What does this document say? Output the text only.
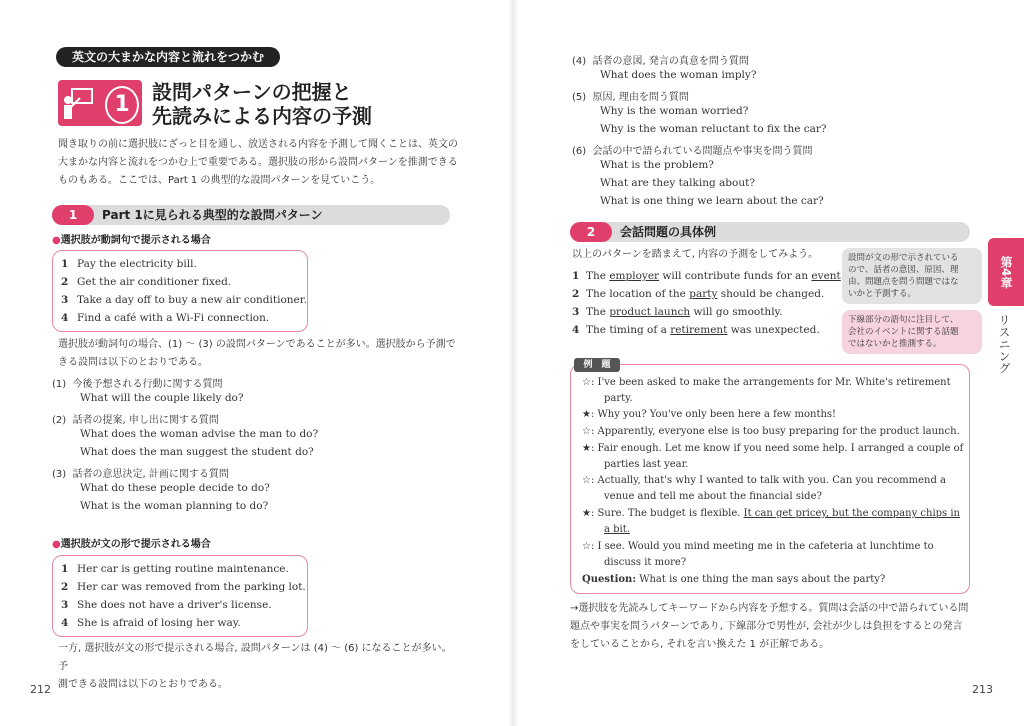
英文の大まかな内容と流れをつかむ
1	設問パターンの把握と
先読みによる内容の予測
聞き取りの前に選択肢にざっと目を通し、放送される内容を予測して聞くことは、英文の
大まかな内容と流れをつかむ上で重要である。選択肢の形から設問パターンを推測できる
ものもある。ここでは、Part 1 の典型的な設問パターンを見ていこう。
1	Part 1に見られる典型的な設問パターン
●選択肢が動詞句で提示される場合
1 Pay the electricity bill.
2 Get the air conditioner fixed.
3 Take a day off to buy a new air conditioner.
4 Find a café with a Wi-Fi connection.
選択肢が動詞句の場合、(1) ～ (3) の設問パターンであることが多い。選択肢から予測で
きる設問は以下のとおりである。
(1) 今後予想される行動に関する質問
What will the couple likely do?
(2) 話者の提案, 申し出に関する質問
What does the woman advise the man to do?
What does the man suggest the student do?
(3) 話者の意思決定, 計画に関する質問
What do these people decide to do?
What is the woman planning to do?
●選択肢が文の形で提示される場合
1 Her car is getting routine maintenance.
2 Her car was removed from the parking lot.
3 She does not have a driver's license.
4 She is afraid of losing her way.
一方, 選択肢が文の形で提示される場合, 設問パターンは (4) ～ (6) になることが多い。予
測できる設問は以下のとおりである。
212
(4) 話者の意図, 発言の真意を問う質問
What does the woman imply?
(5) 原因, 理由を問う質問
Why is the woman worried?
Why is the woman reluctant to fix the car?
(6) 会話の中で語られている問題点や事実を問う質問
What is the problem?
What are they talking about?
What is one thing we learn about the car?
2	会話問題の具体例
以上のパターンを踏まえて, 内容の予測をしてみよう。
1 The employer will contribute funds for an event
2 The location of the party should be changed.
3 The product launch will go smoothly.
4 The timing of a retirement was unexpected.
設問が文の形で示されている
ので、話者の意図、原因、理
由、問題点を問う問題ではな
いかと予測する。
下線部分の語句に注目して、
会社のイベントに関する話題
ではないかと推測する。
例　題
☆: I've been asked to make the arrangements for Mr. White's retirement
party.
★: Why you? You've only been here a few months!
☆: Apparently, everyone else is too busy preparing for the product launch.
★: Fair enough. Let me know if you need some help. I arranged a couple of
parties last year.
☆: Actually, that's why I wanted to talk with you. Can you recommend a
venue and tell me about the financial side?
★: Sure. The budget is flexible. It can get pricey, but the company chips in
a bit.
☆: I see. Would you mind meeting me in the cafeteria at lunchtime to
discuss it more?
Question: What is one thing the man says about the party?
→選択肢を先読みしてキーワードから内容を予想する。質問は会話の中で語られている問
題点や事実を問うパターンであり, 下線部分で男性が, 会社が少しは負担をするとの発言
をしていることから, それを言い換えた 1 が正解である。
第4章
リスニング
213
